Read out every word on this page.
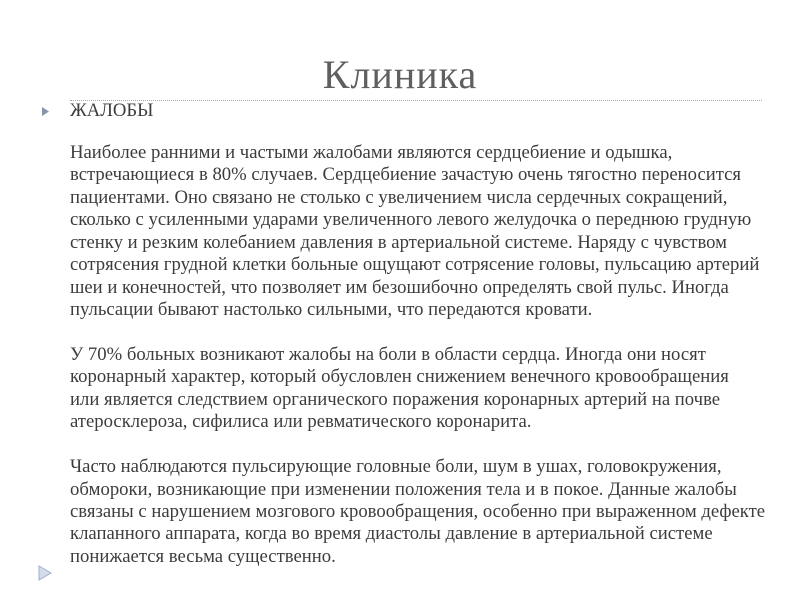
Клиника
ЖАЛОБЫ
Наиболее ранними и частыми жалобами являются сердцебиение и одышка,
встречающиеся в 80% случаев. Сердцебиение зачастую очень тягостно переносится
пациентами. Оно связано не столько с увеличением числа сердечных сокращений,
сколько с усиленными ударами увеличенного левого желудочка о переднюю грудную
стенку и резким колебанием давления в артериальной системе. Наряду с чувством
сотрясения грудной клетки больные ощущают сотрясение головы, пульсацию артерий
шеи и конечностей, что позволяет им безошибочно определять свой пульс. Иногда
пульсации бывают настолько сильными, что передаются кровати.
У 70% больных возникают жалобы на боли в области сердца. Иногда они носят
коронарный характер, который обусловлен снижением венечного кровообращения
или является следствием органического поражения коронарных артерий на почве
атеросклероза, сифилиса или ревматического коронарита.
Часто наблюдаются пульсирующие головные боли, шум в ушах, головокружения,
обмороки, возникающие при изменении положения тела и в покое. Данные жалобы
связаны с нарушением мозгового кровообращения, особенно при выраженном дефекте
клапанного аппарата, когда во время диастолы давление в артериальной системе
понижается весьма существенно.
